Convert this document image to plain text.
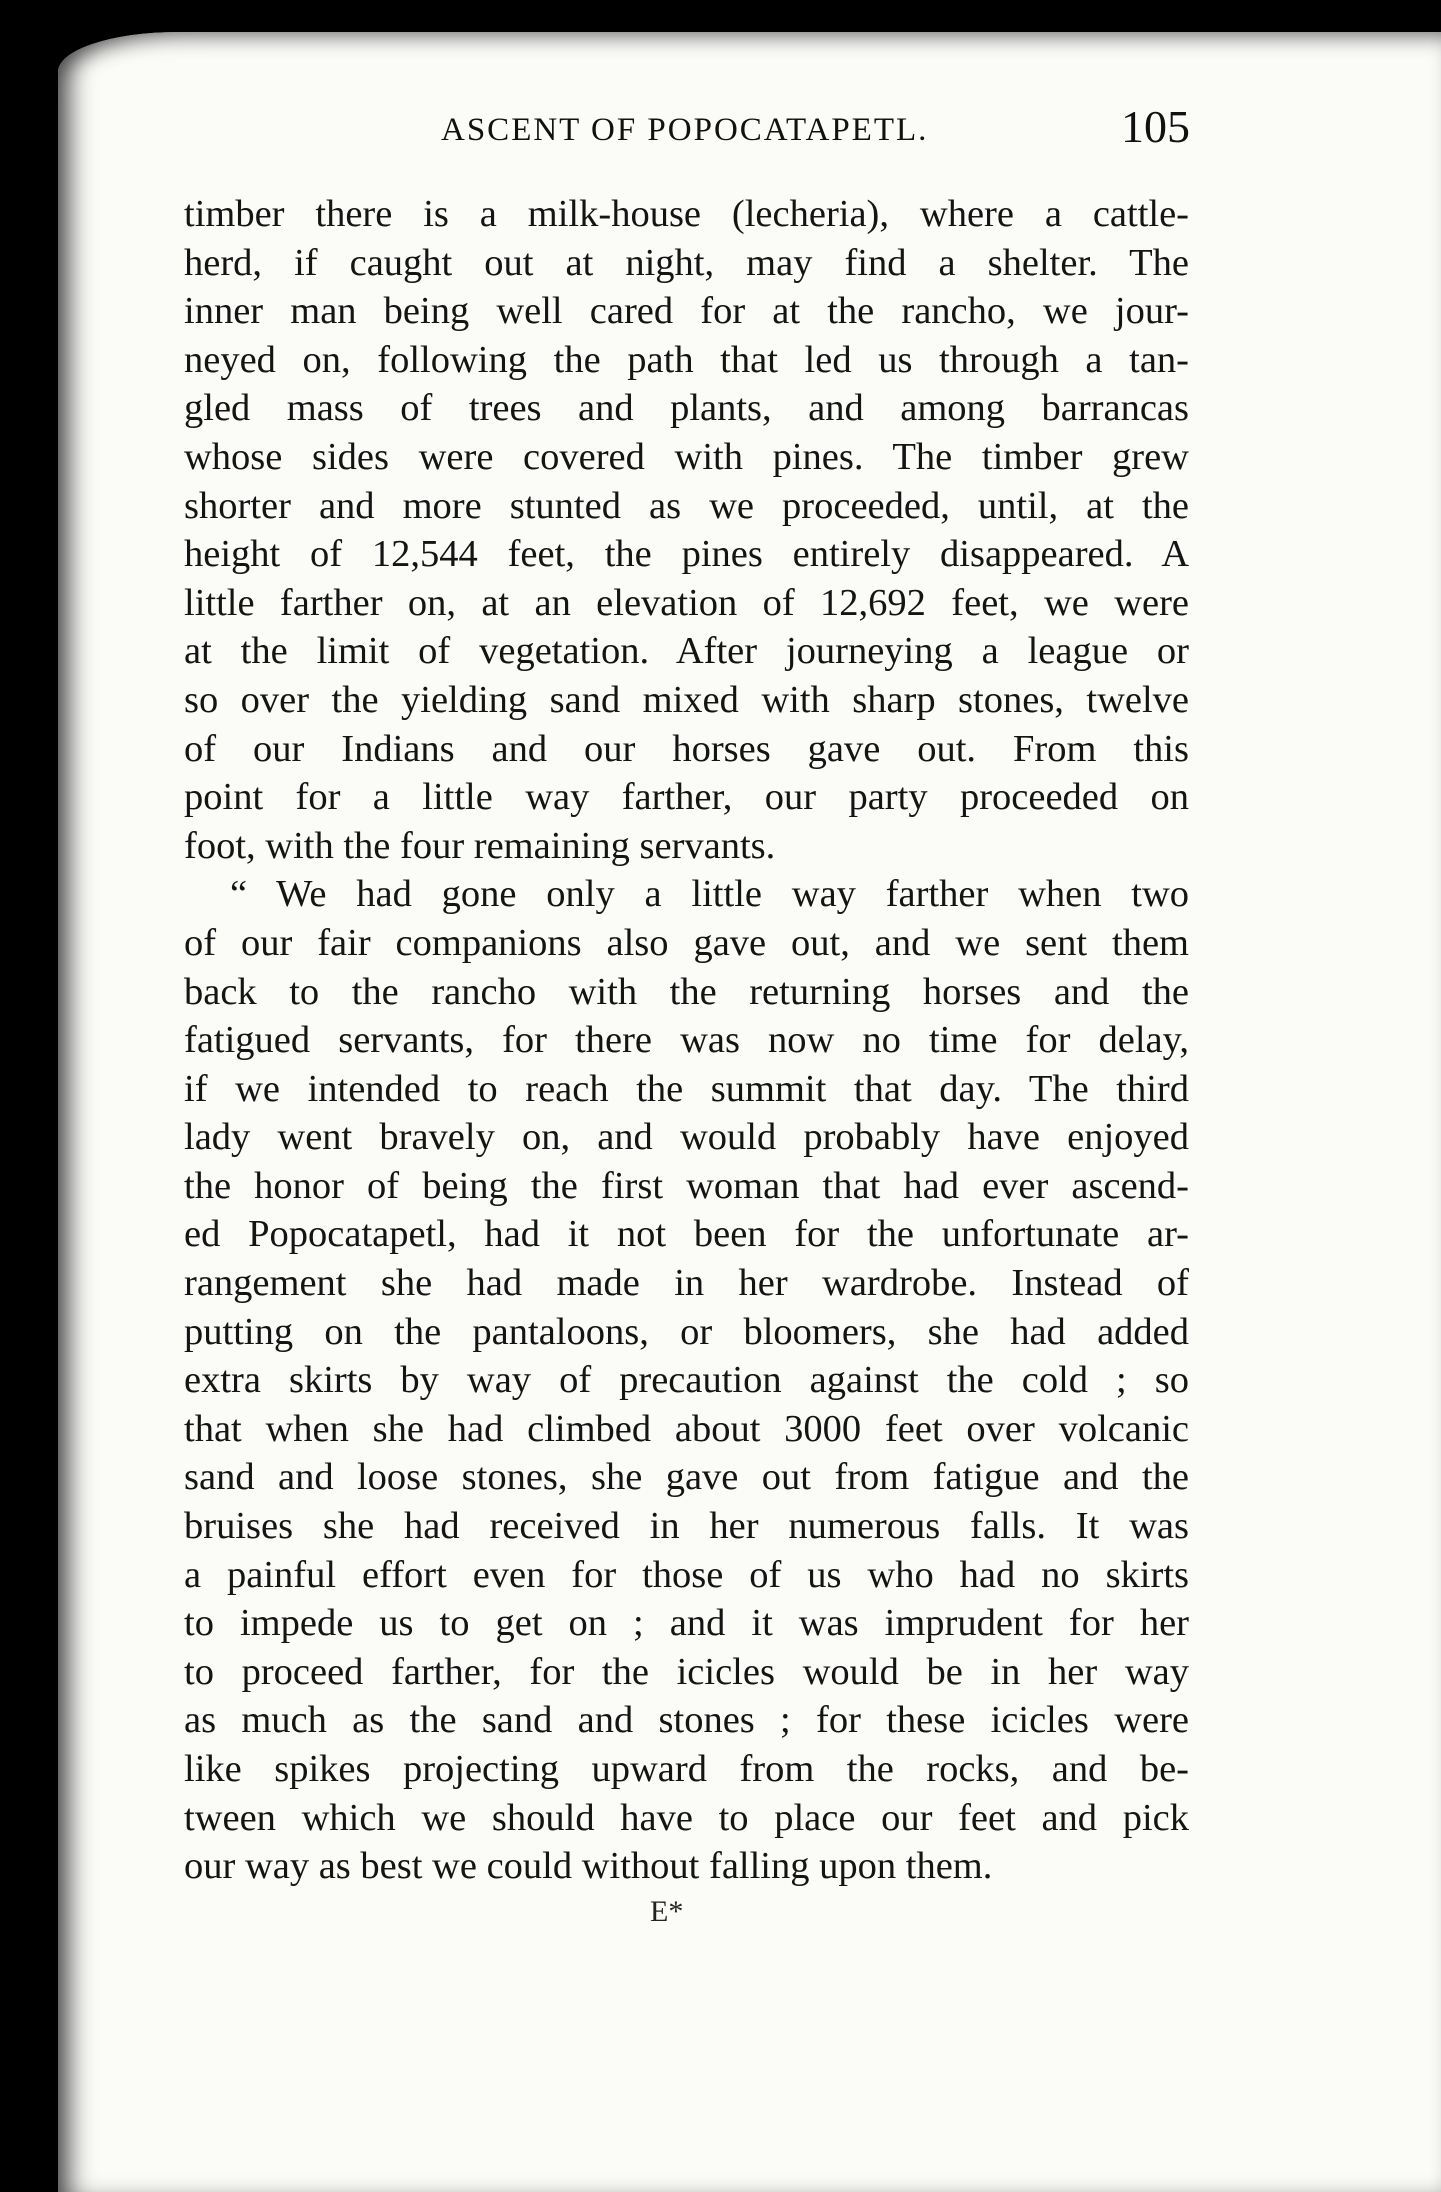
ASCENT OF POPOCATAPETL.	105
timber there is a milk-house (lecheria), where a cattle-
herd, if caught out at night, may find a shelter. The
inner man being well cared for at the rancho, we jour-
neyed on, following the path that led us through a tan-
gled mass of trees and plants, and among barrancas
whose sides were covered with pines. The timber grew
shorter and more stunted as we proceeded, until, at the
height of 12,544 feet, the pines entirely disappeared. A
little farther on, at an elevation of 12,692 feet, we were
at the limit of vegetation. After journeying a league or
so over the yielding sand mixed with sharp stones, twelve
of our Indians and our horses gave out. From this
point for a little way farther, our party proceeded on
foot, with the four remaining servants.
“ We had gone only a little way farther when two
of our fair companions also gave out, and we sent them
back to the rancho with the returning horses and the
fatigued servants, for there was now no time for delay,
if we intended to reach the summit that day. The third
lady went bravely on, and would probably have enjoyed
the honor of being the first woman that had ever ascend-
ed Popocatapetl, had it not been for the unfortunate ar-
rangement she had made in her wardrobe. Instead of
putting on the pantaloons, or bloomers, she had added
extra skirts by way of precaution against the cold ; so
that when she had climbed about 3000 feet over volcanic
sand and loose stones, she gave out from fatigue and the
bruises she had received in her numerous falls. It was
a painful effort even for those of us who had no skirts
to impede us to get on ; and it was imprudent for her
to proceed farther, for the icicles would be in her way
as much as the sand and stones ; for these icicles were
like spikes projecting upward from the rocks, and be-
tween which we should have to place our feet and pick
our way as best we could without falling upon them.
E*
